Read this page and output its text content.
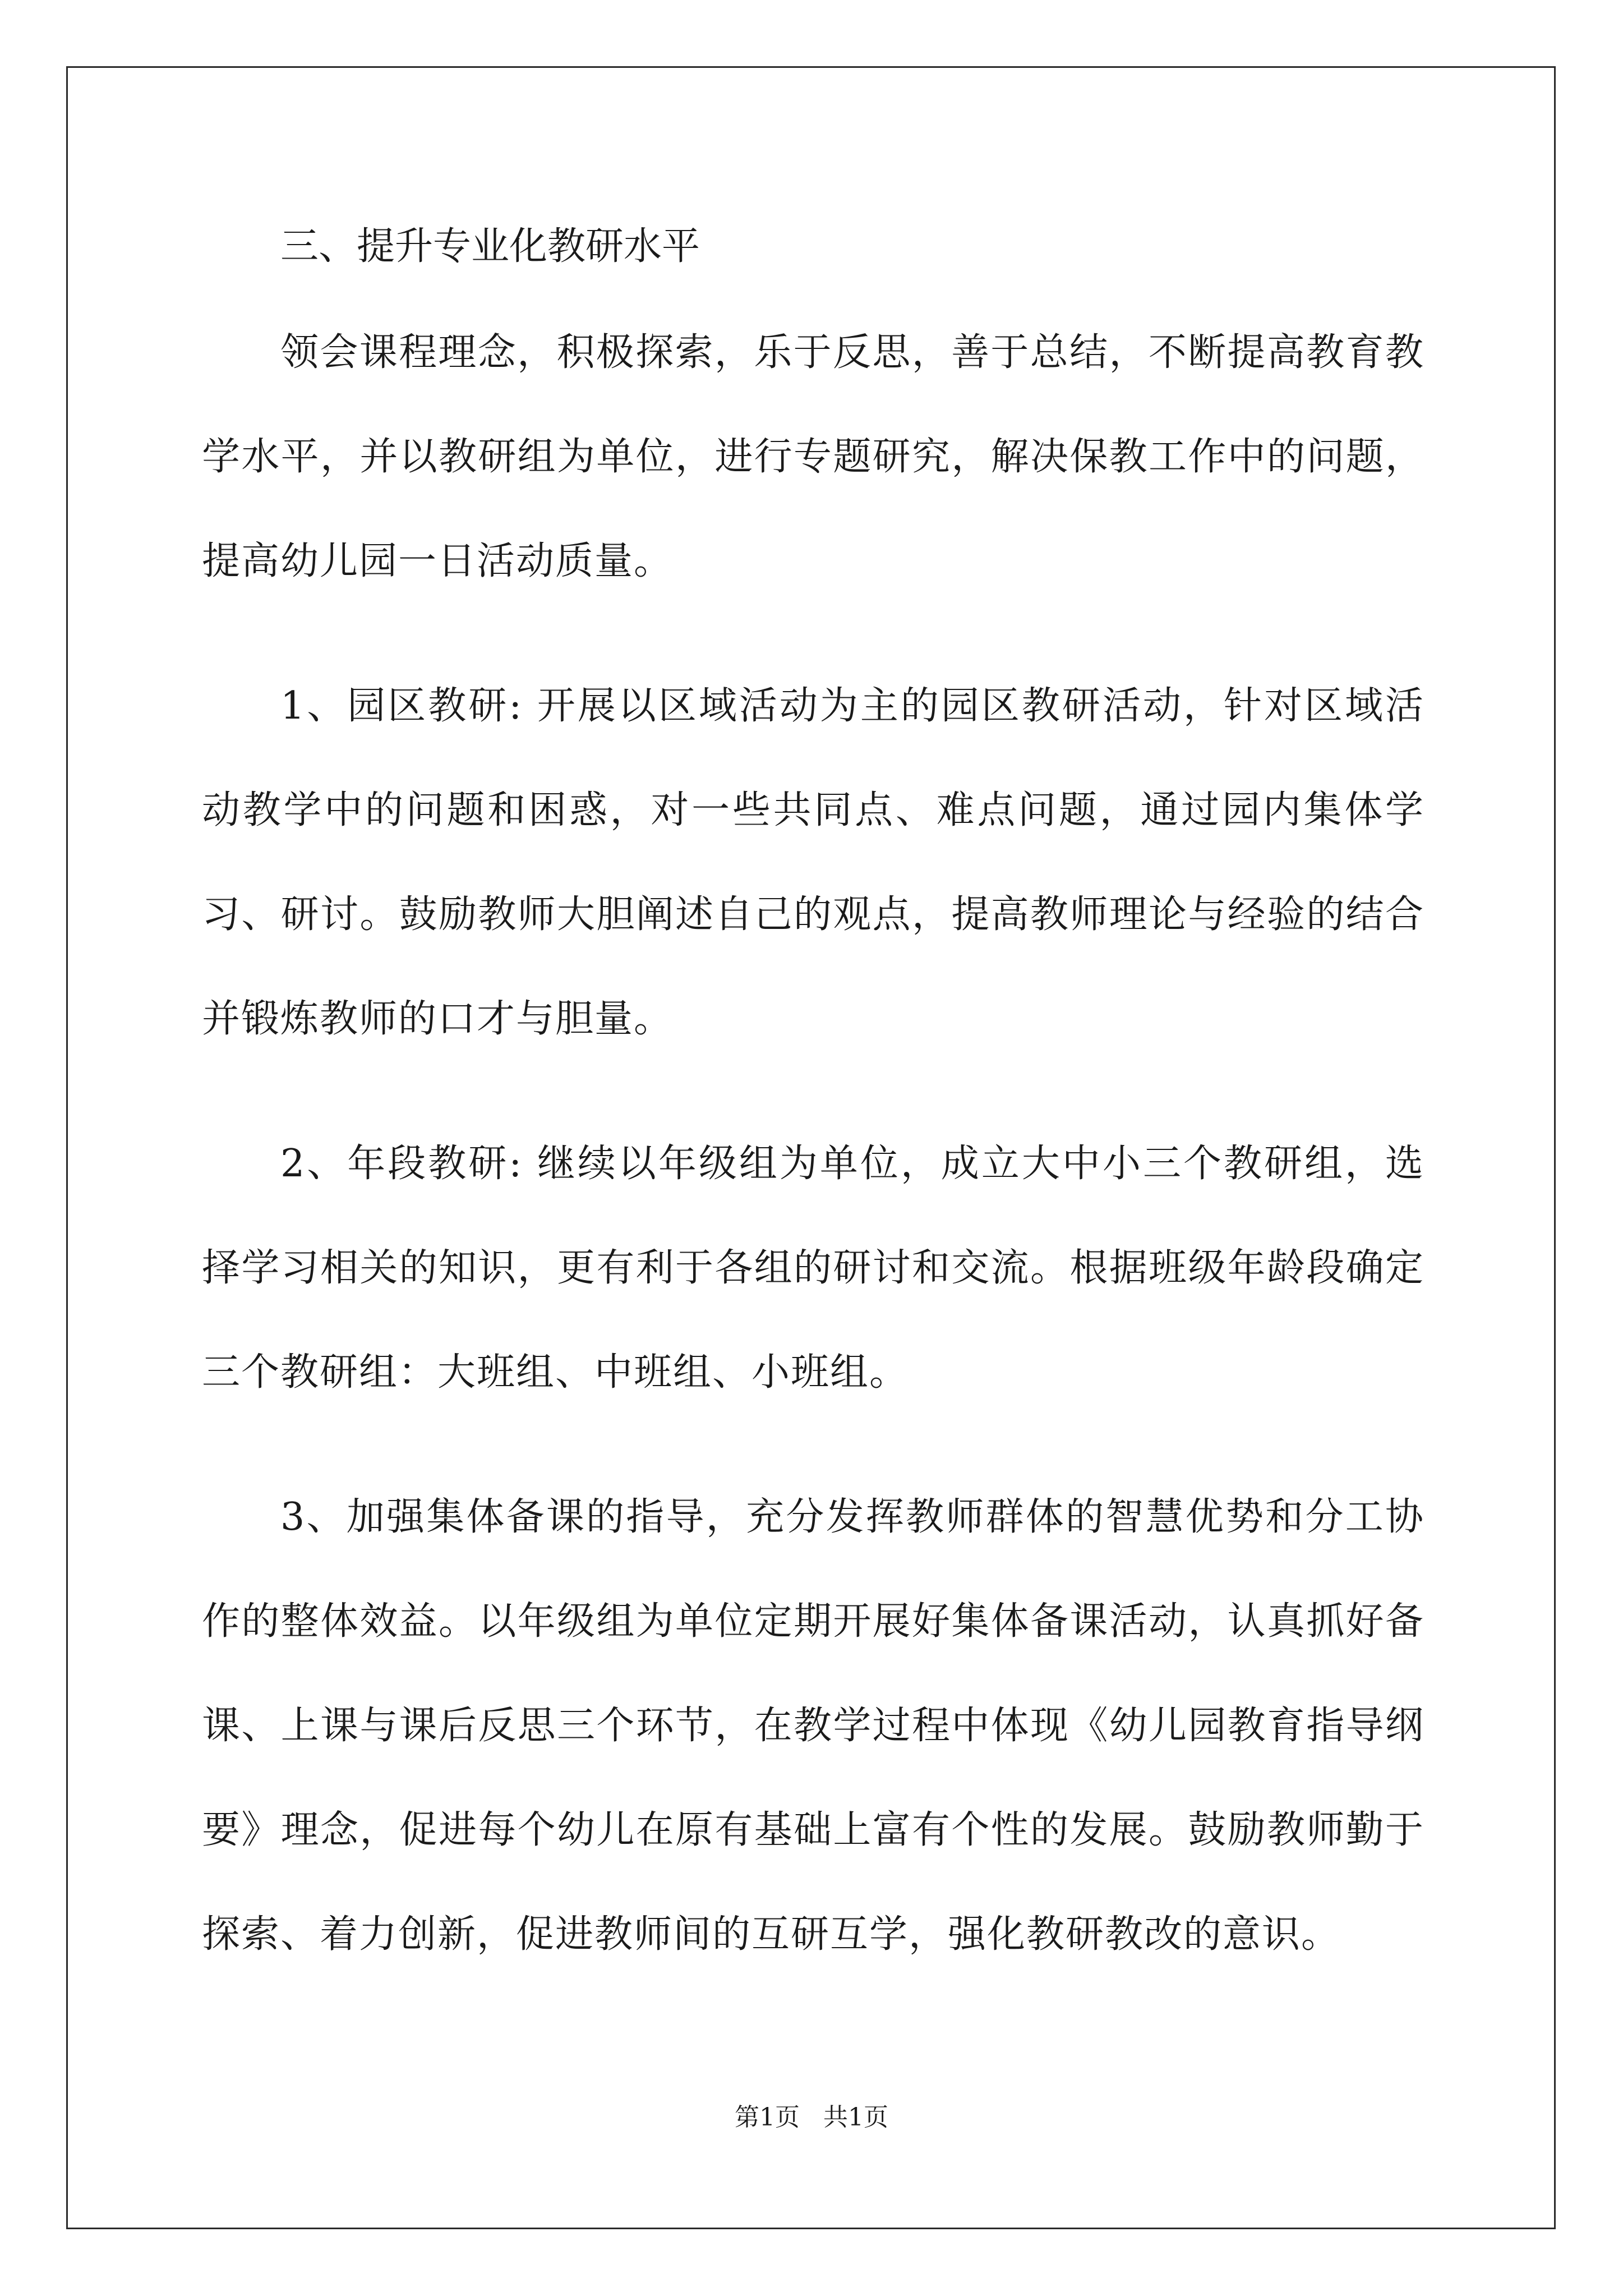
三、提升专业化教研水平

领会课程理念，积极探索，乐于反思，善于总结，不断提高教育教学水平，并以教研组为单位，进行专题研究，解决保教工作中的问题，提高幼儿园一日活动质量。

1、园区教研: 开展以区域活动为主的园区教研活动，针对区域活动教学中的问题和困惑，对一些共同点、难点问题，通过园内集体学习、研讨。鼓励教师大胆阐述自己的观点，提高教师理论与经验的结合并锻炼教师的口才与胆量。

2、年段教研: 继续以年级组为单位，成立大中小三个教研组，选择学习相关的知识，更有利于各组的研讨和交流。根据班级年龄段确定三个教研组：大班组、中班组、小班组。

3、加强集体备课的指导，充分发挥教师群体的智慧优势和分工协作的整体效益。以年级组为单位定期开展好集体备课活动，认真抓好备课、上课与课后反思三个环节，在教学过程中体现《幼儿园教育指导纲要》理念，促进每个幼儿在原有基础上富有个性的发展。鼓励教师勤于探索、着力创新，促进教师间的互研互学，强化教研教改的意识。

第1页 共1页
